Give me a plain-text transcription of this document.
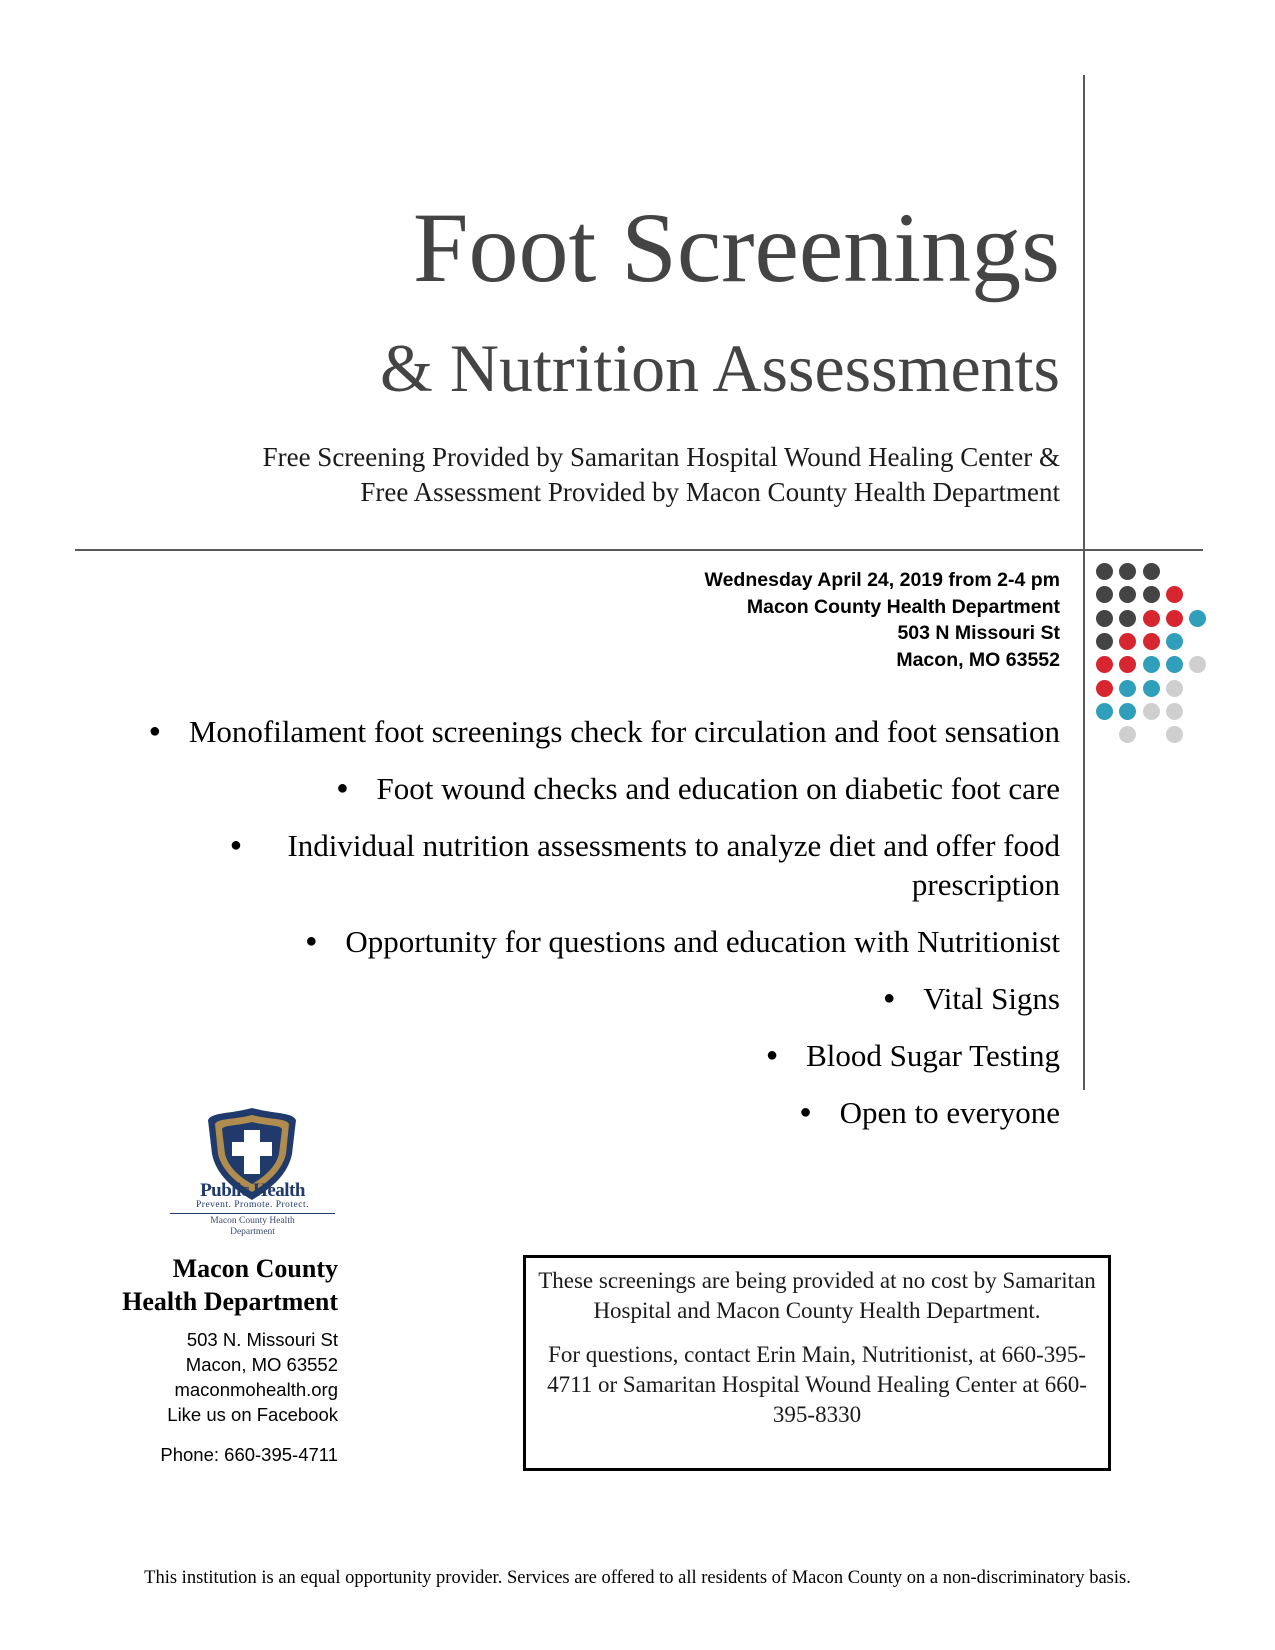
Foot Screenings
& Nutrition Assessments
Free Screening Provided by Samaritan Hospital Wound Healing Center &
Free Assessment Provided by Macon County Health Department
Wednesday April 24, 2019 from 2-4 pm
Macon County Health Department
503 N Missouri St
Macon, MO 63552
● Monofilament foot screenings check for circulation and foot sensation
● Foot wound checks and education on diabetic foot care
●	Individual nutrition assessments to analyze diet and offer food prescription
● Opportunity for questions and education with Nutritionist
● Vital Signs
● Blood Sugar Testing
● Open to everyone
Public Health
Prevent. Promote. Protect.
Macon County Health
Department
Macon County
Health Department
503 N. Missouri St
Macon, MO 63552
maconmohealth.org
Like us on Facebook
Phone: 660-395-4711

These screenings are being provided at no cost by Samaritan Hospital and Macon County Health Department.

For questions, contact Erin Main, Nutritionist, at 660-395-4711 or Samaritan Hospital Wound Healing Center at 660-395-8330

This institution is an equal opportunity provider. Services are offered to all residents of Macon County on a non-discriminatory basis.
